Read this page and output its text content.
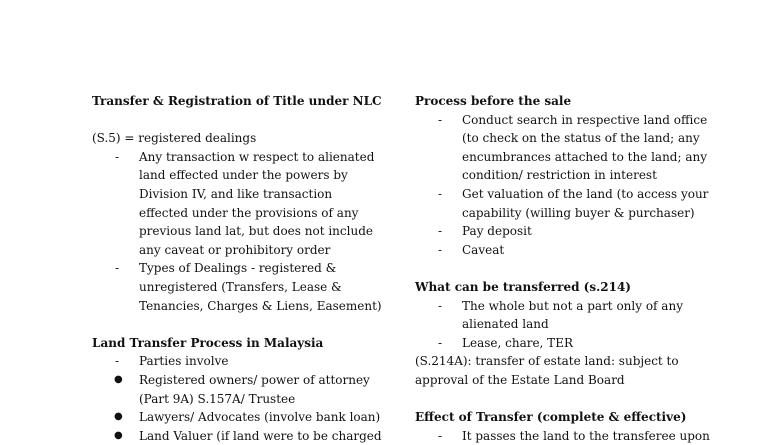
Transfer & Registration of Title under NLC
(S.5) = registered dealings
- Any transaction w respect to alienated
land effected under the powers by
Division IV, and like transaction
effected under the provisions of any
previous land lat, but does not include
any caveat or prohibitory order
- Types of Dealings - registered &
unregistered (Transfers, Lease &
Tenancies, Charges & Liens, Easement)
Land Transfer Process in Malaysia
- Parties involve
● Registered owners/ power of attorney
(Part 9A) S.157A/ Trustee
● Lawyers/ Advocates (involve bank loan)
● Land Valuer (if land were to be charged
Process before the sale
- Conduct search in respective land office
(to check on the status of the land; any
encumbrances attached to the land; any
condition/ restriction in interest
- Get valuation of the land (to access your
capability (willing buyer & purchaser)
- Pay deposit
- Caveat
What can be transferred (s.214)
- The whole but not a part only of any
alienated land
- Lease, chare, TER
(S.214A): transfer of estate land: subject to
approval of the Estate Land Board
Effect of Transfer (complete & effective)
- It passes the land to the transferee upon
